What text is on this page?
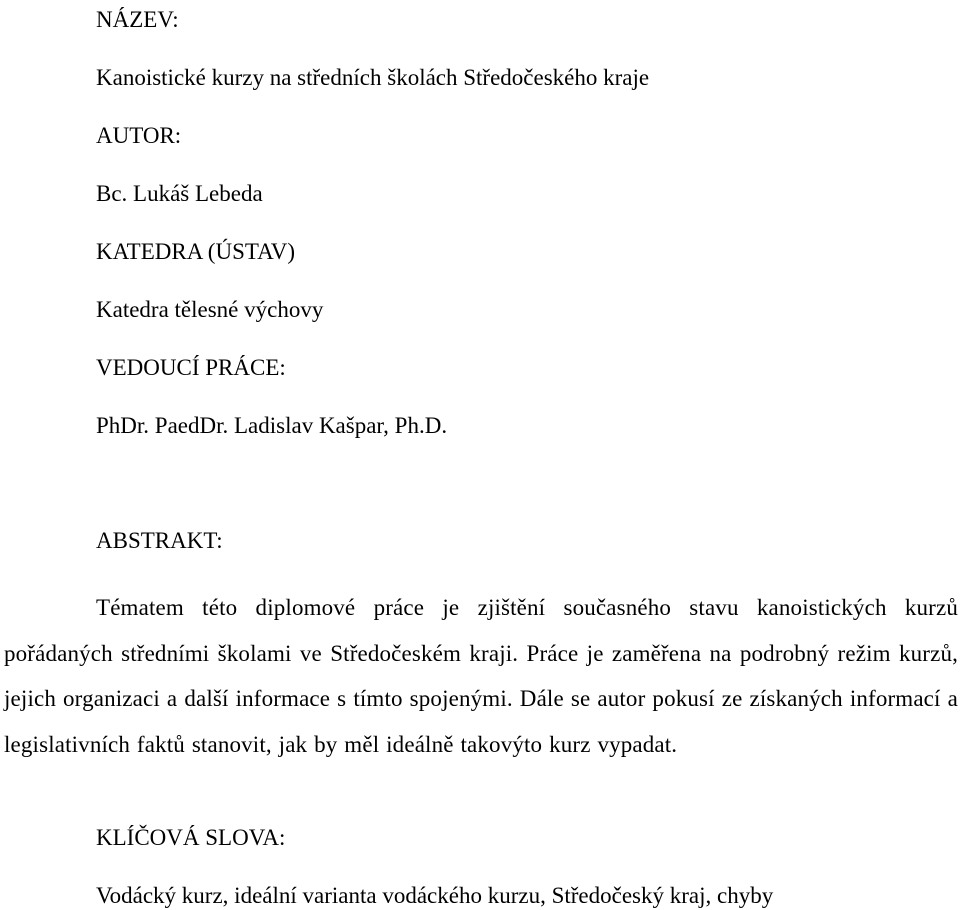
NÁZEV:

Kanoistické kurzy na středních školách Středočeského kraje

AUTOR:

Bc. Lukáš Lebeda

KATEDRA (ÚSTAV)

Katedra tělesné výchovy

VEDOUCÍ PRÁCE:

PhDr. PaedDr. Ladislav Kašpar, Ph.D.

ABSTRAKT:

Tématem této diplomové práce je zjištění současného stavu kanoistických kurzů pořádaných středními školami ve Středočeském kraji. Práce je zaměřena na podrobný režim kurzů, jejich organizaci a další informace s tímto spojenými. Dále se autor pokusí ze získaných informací a legislativních faktů stanovit, jak by měl ideálně takovýto kurz vypadat.

KLÍČOVÁ SLOVA:

Vodácký kurz, ideální varianta vodáckého kurzu, Středočeský kraj, chyby
